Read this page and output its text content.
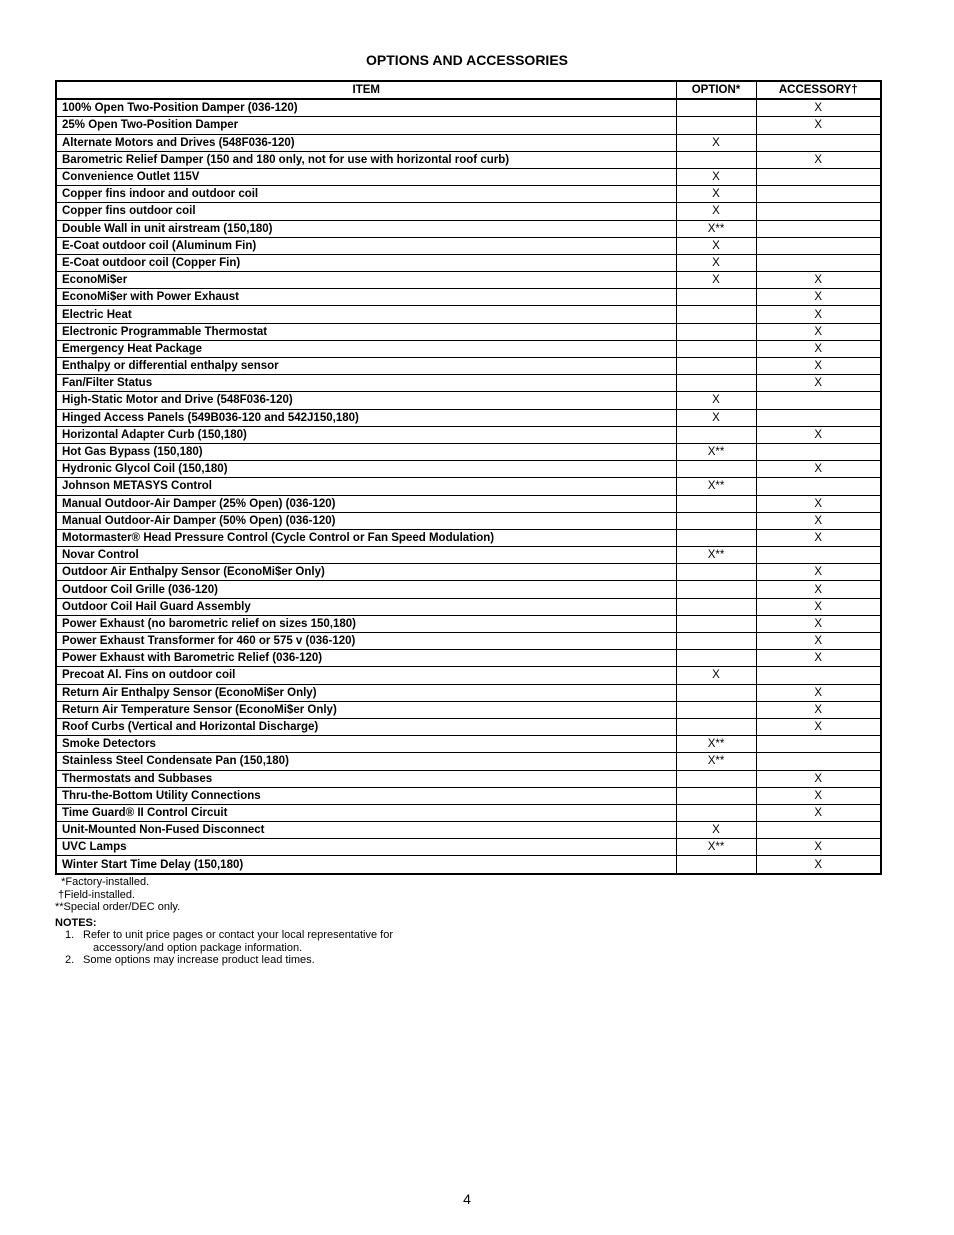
OPTIONS AND ACCESSORIES
ITEM	OPTION*	ACCESSORY†
100% Open Two-Position Damper (036-120)		X
25% Open Two-Position Damper		X
Alternate Motors and Drives (548F036-120)	X	
Barometric Relief Damper (150 and 180 only, not for use with horizontal roof curb)		X
Convenience Outlet 115V	X	
Copper fins indoor and outdoor coil	X	
Copper fins outdoor coil	X	
Double Wall in unit airstream (150,180)	X**	
E-Coat outdoor coil (Aluminum Fin)	X	
E-Coat outdoor coil (Copper Fin)	X	
EconoMi$er	X	X
EconoMi$er with Power Exhaust		X
Electric Heat		X
Electronic Programmable Thermostat		X
Emergency Heat Package		X
Enthalpy or differential enthalpy sensor		X
Fan/Filter Status		X
High-Static Motor and Drive (548F036-120)	X	
Hinged Access Panels (549B036-120 and 542J150,180)	X	
Horizontal Adapter Curb (150,180)		X
Hot Gas Bypass (150,180)	X**	
Hydronic Glycol Coil (150,180)		X
Johnson METASYS Control	X**	
Manual Outdoor-Air Damper (25% Open) (036-120)		X
Manual Outdoor-Air Damper (50% Open) (036-120)		X
Motormaster® Head Pressure Control (Cycle Control or Fan Speed Modulation)		X
Novar Control	X**	
Outdoor Air Enthalpy Sensor (EconoMi$er Only)		X
Outdoor Coil Grille (036-120)		X
Outdoor Coil Hail Guard Assembly		X
Power Exhaust (no barometric relief on sizes 150,180)		X
Power Exhaust Transformer for 460 or 575 v (036-120)		X
Power Exhaust with Barometric Relief (036-120)		X
Precoat Al. Fins on outdoor coil	X	
Return Air Enthalpy Sensor (EconoMi$er Only)		X
Return Air Temperature Sensor (EconoMi$er Only)		X
Roof Curbs (Vertical and Horizontal Discharge)		X
Smoke Detectors	X**	
Stainless Steel Condensate Pan (150,180)	X**	
Thermostats and Subbases		X
Thru-the-Bottom Utility Connections		X
Time Guard® II Control Circuit		X
Unit-Mounted Non-Fused Disconnect	X	
UVC Lamps	X**	X
Winter Start Time Delay (150,180)		X
*Factory-installed.
†Field-installed.
**Special order/DEC only.
NOTES:
1. Refer to unit price pages or contact your local representative for
accessory/and option package information.
2. Some options may increase product lead times.
4
